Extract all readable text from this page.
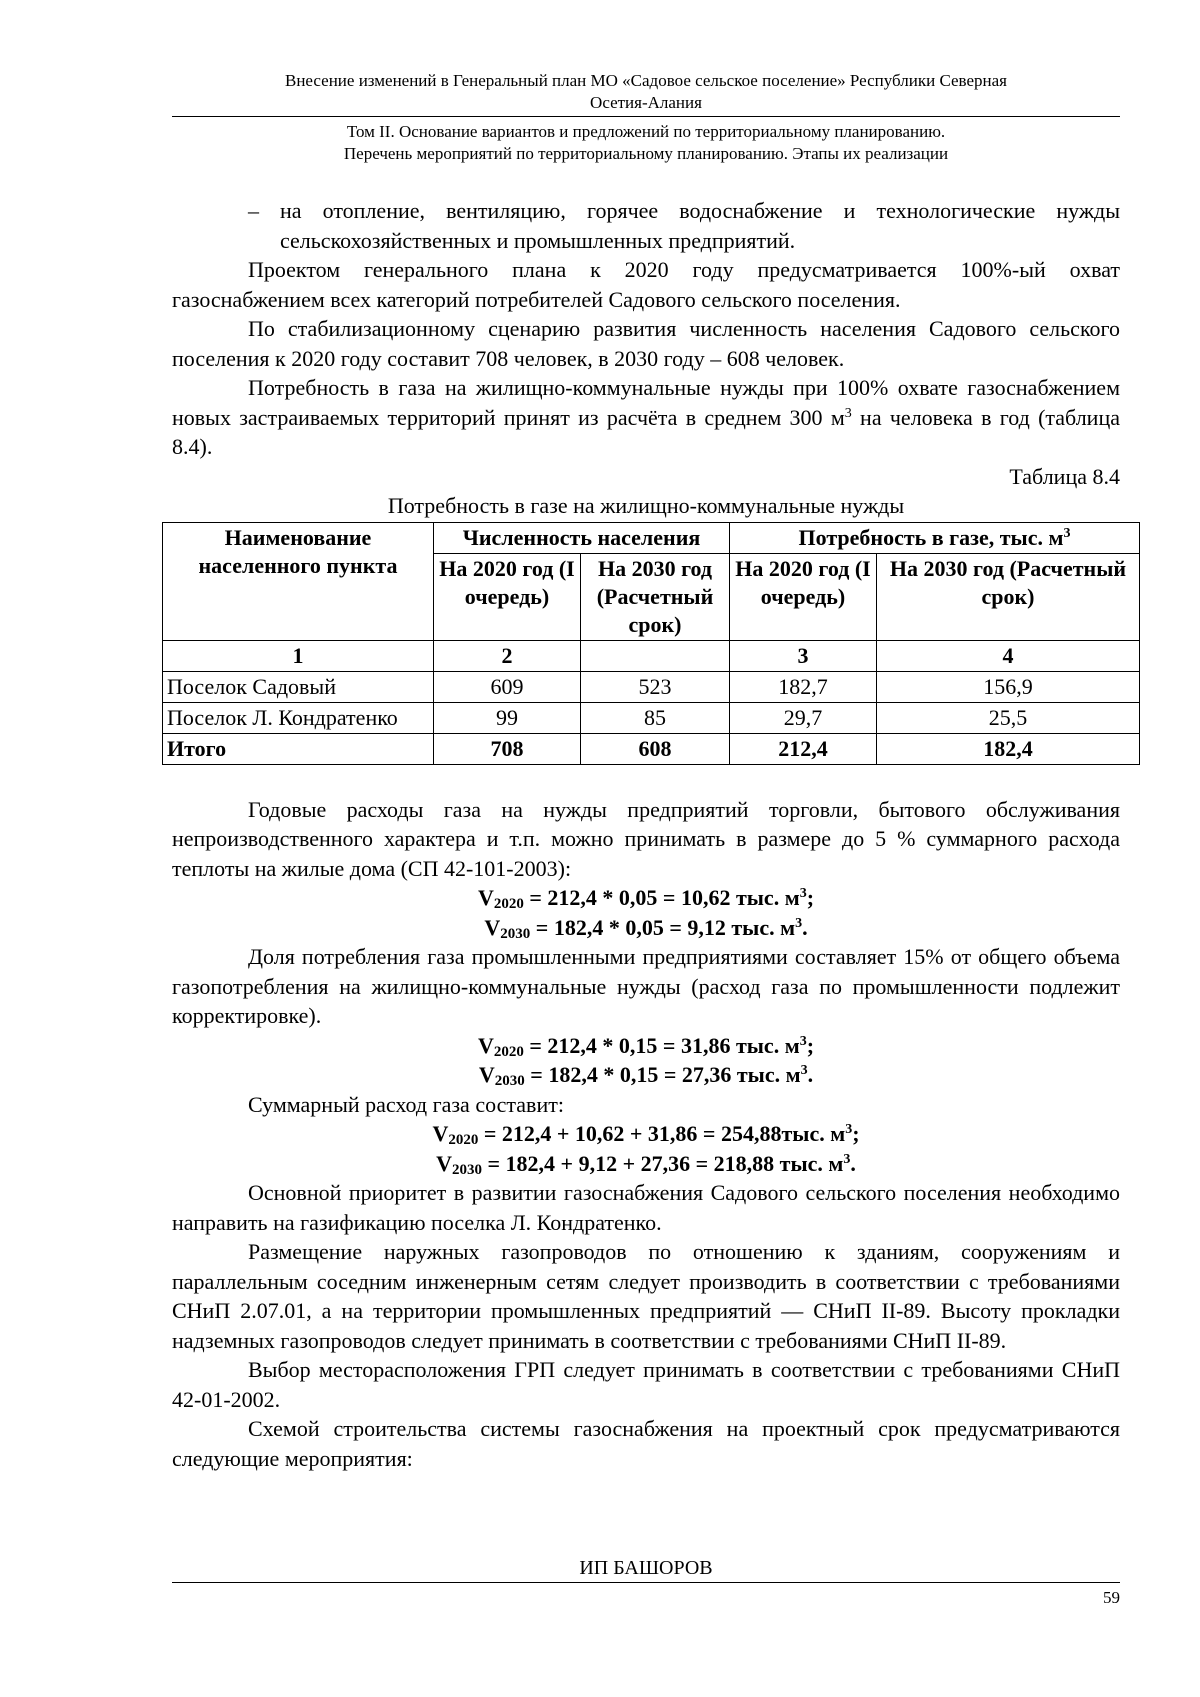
Внесение изменений в Генеральный план МО «Садовое сельское поселение» Республики Северная
Осетия-Алания
Том II. Основание вариантов и предложений по территориальному планированию.
Перечень мероприятий по территориальному планированию. Этапы их реализации

– на отопление, вентиляцию, горячее водоснабжение и технологические нужды сельскохозяйственных и промышленных предприятий.

Проектом генерального плана к 2020 году предусматривается 100%-ый охват газоснабжением всех категорий потребителей Садового сельского поселения.

По стабилизационному сценарию развития численность населения Садового сельского поселения к 2020 году составит 708 человек, в 2030 году – 608 человек.

Потребность в газа на жилищно-коммунальные нужды при 100% охвате газоснабжением новых застраиваемых территорий принят из расчёта в среднем 300 $м^3$ на человека в год (таблица 8.4).

Таблица 8.4

Потребность в газе на жилищно-коммунальные нужды

Наименование населенного пункта	Численность населения		Потребность в газе, тыс. $м^3$
	На 2020 год (I очередь)	На 2030 год (Расчетный срок)	На 2020 год (I очередь)	На 2030 год (Расчетный срок)
1	2		3	4
Поселок Садовый	609	523	182,7	156,9
Поселок Л. Кондратенко	99	85	29,7	25,5
Итого	708	608	212,4	182,4

Годовые расходы газа на нужды предприятий торговли, бытового обслуживания непроизводственного характера и т.п. можно принимать в размере до 5 % суммарного расхода теплоты на жилые дома (СП 42-101-2003):

$V_{2020} = 212,4 * 0,05 = 10,62$ тыс. $м^3$;

$V_{2030} = 182,4 * 0,05 = 9,12$ тыс. $м^3$.

Доля потребления газа промышленными предприятиями составляет 15% от общего объема газопотребления на жилищно-коммунальные нужды (расход газа по промышленности подлежит корректировке).

$V_{2020} = 212,4 * 0,15 = 31,86$ тыс. $м^3$;

$V_{2030} = 182,4 * 0,15 = 27,36$ тыс. $м^3$.

Суммарный расход газа составит:

$V_{2020} = 212,4 + 10,62 + 31,86 = 254,88тыс$. $м^3$;

$V_{2030} = 182,4 + 9,12 + 27,36 = 218,88$ тыс. $м^3$.

Основной приоритет в развитии газоснабжения Садового сельского поселения необходимо направить на газификацию поселка Л. Кондратенко.

Размещение наружных газопроводов по отношению к зданиям, сооружениям и параллельным соседним инженерным сетям следует производить в соответствии с требованиями СНиП 2.07.01, а на территории промышленных предприятий — СНиП II-89. Высоту прокладки надземных газопроводов следует принимать в соответствии с требованиями СНиП II-89.

Выбор месторасположения ГРП следует принимать в соответствии с требованиями СНиП 42-01-2002.

Схемой строительства системы газоснабжения на проектный срок предусматриваются следующие мероприятия:

ИП БАШОРОВ
59
